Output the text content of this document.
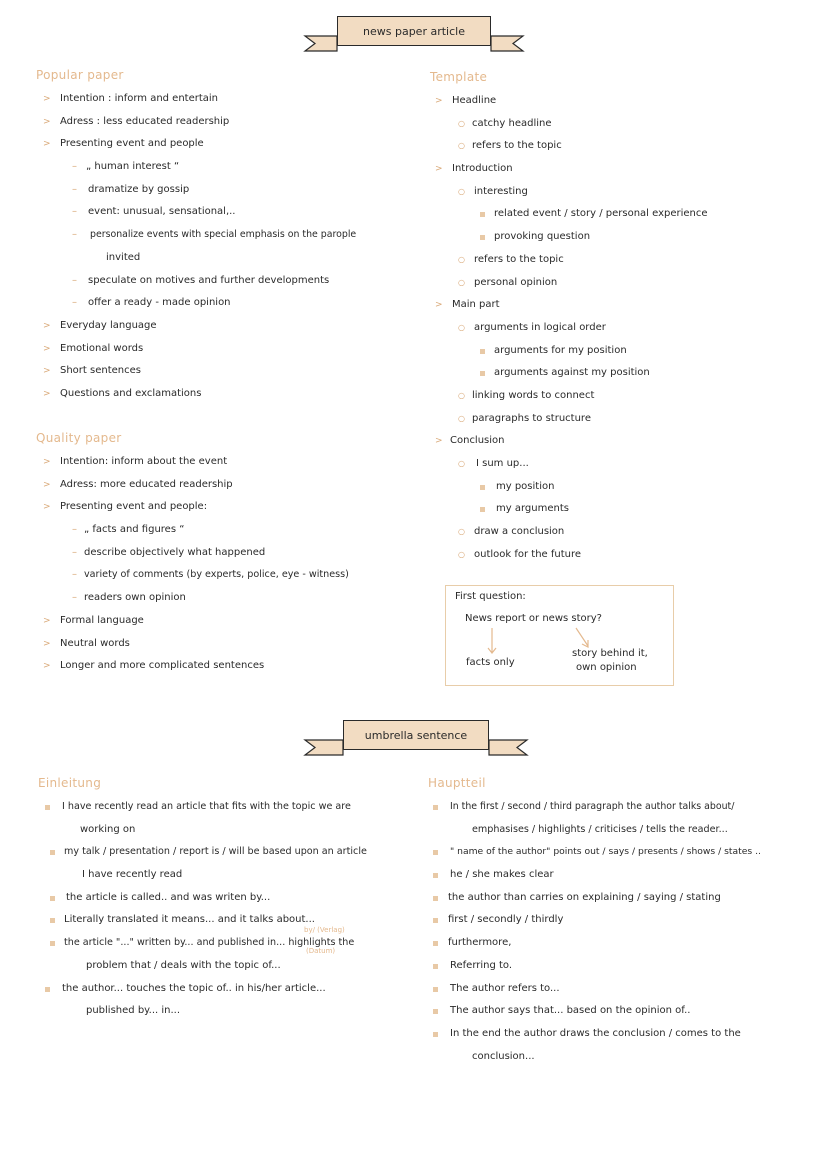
news paper article
Popular paper
> Intention : inform and entertain
> Adress : less educated readership
> Presenting event and people
– „ human interest “
– dramatize by gossip
– event: unusual, sensational,..
– personalize events with special emphasis on the parople
invited
– speculate on motives and further developments
– offer a ready - made opinion
> Everyday language
> Emotional words
> Short sentences
> Questions and exclamations
Quality paper
> Intention: inform about the event
> Adress: more educated readership
> Presenting event and people:
– „ facts and figures “
– describe objectively what happened
– variety of comments (by experts, police, eye - witness)
– readers own opinion
> Formal language
> Neutral words
> Longer and more complicated sentences
Template
> Headline
○ catchy headline
○ refers to the topic
> Introduction
○ interesting
related event / story / personal experience
provoking question
○ refers to the topic
○ personal opinion
> Main part
○ arguments in logical order
arguments for my position
arguments against my position
○ linking words to connect
○ paragraphs to structure
> Conclusion
○ I sum up...
my position
my arguments
○ draw a conclusion
○ outlook for the future
First question:
News report or news story?
facts only
story behind it,
own opinion
umbrella sentence
Einleitung
I have recently read an article that fits with the topic we are
working on
my talk / presentation / report is / will be based upon an article
I have recently read
the article is called.. and was writen by...
Literally translated it means... and it talks about...
the article "..." written by... and published in... highlights the
by/ (Verlag)
(Datum)
problem that / deals with the topic of...
the author... touches the topic of.. in his/her article...
published by... in...
Hauptteil
In the first / second / third paragraph the author talks about/
emphasises / highlights / criticises / tells the reader...
" name of the author" points out / says / presents / shows / states ..
he / she makes clear
the author than carries on explaining / saying / stating
first / secondly / thirdly
furthermore,
Referring to.
The author refers to...
The author says that... based on the opinion of..
In the end the author draws the conclusion / comes to the
conclusion...
